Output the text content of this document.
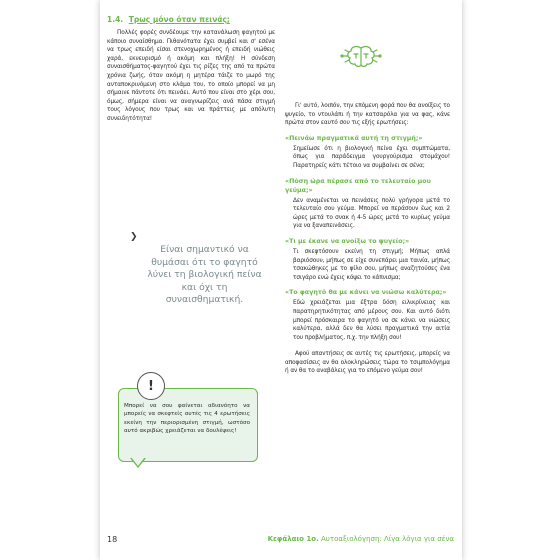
1.4. Τρως μόνο όταν πεινάς;

Πολλές φορές συνδέουμε την κατανάλωση φαγητού με κάποιο συναίσθημα. Πιθανότατα έχει συμβεί και σ' εσένα να τρως επειδή είσαι στενοχωρημένος ή επειδή νιώθεις χαρά, εκνευρισμό ή ακόμη και πλήξη! Η σύνδεση συναισθήματος-φαγητού έχει τις ρίζες της από τα πρώτα χρόνια ζωής, όταν ακόμη η μητέρα τάιζε το μωρό της ανταποκρινόμενη στο κλάμα του, το οποίο μπορεί να μη σήμαινε πάντοτε ότι πεινάει. Αυτό που είναι στο χέρι σου, όμως, σήμερα είναι να αναγνωρίζεις ανά πάσα στιγμή τους λόγους που τρως και να πράττεις με απόλυτη συνειδητότητα!

❯

Είναι σημαντικό να θυμάσαι ότι το φαγητό λύνει τη βιολογική πείνα και όχι τη συναισθηματική.

!

Μπορεί να σου φαίνεται αδιανόητο να μπορείς να σκεφτείς αυτές τις 4 ερωτήσεις εκείνη την περιορισμένη στιγμή, ωστόσο αυτό ακριβώς χρειάζεται να δουλέψεις!

Γι' αυτό, λοιπόν, την επόμενη φορά που θα ανοίξεις το ψυγείο, το ντουλάπι ή την κατσαρόλα για να φας, κάνε πρώτα στον εαυτό σου τις εξής ερωτήσεις:

«Πεινάω πραγματικά αυτή τη στιγμή;»

Σημείωσε ότι η βιολογική πείνα έχει συμπτώματα, όπως για παράδειγμα γουργούρισμα στομάχου! Παρατηρείς κάτι τέτοιο να συμβαίνει σε σένα;

«Πόση ώρα πέρασε από το τελευταίο μου γεύμα;»

Δεν αναμένεται να πεινάσεις πολύ γρήγορα μετά το τελευταίο σου γεύμα. Μπορεί να περάσουν έως και 2 ώρες μετά το σνακ ή 4-5 ώρες μετά το κυρίως γεύμα για να ξαναπεινάσεις.

«Τι με έκανε να ανοίξω το ψυγείο;»

Τι σκεφτόσουν εκείνη τη στιγμή; Μήπως απλά βαριόσουν, μήπως σε είχε συνεπάρει μια ταινία, μήπως τσακώθηκες με το φίλο σου, μήπως αναζητούσες ένα τσιγάρο ενώ έχεις κόψει το κάπνισμα;

«Το φαγητό θα με κάνει να νιώσω καλύτερα;»

Εδώ χρειάζεται μια έξτρα δόση ειλικρίνειας και παρατηρητικότητας από μέρους σου. Και αυτό διότι μπορεί πρόσκαιρα το φαγητό να σε κάνει να νιώσεις καλύτερα, αλλά δεν θα λύσει πραγματικά την αιτία του προβλήματος, π.χ. την πλήξη σου!

Αφού απαντήσεις σε αυτές τις ερωτήσεις, μπορείς να αποφασίσεις αν θα ολοκληρώσεις τώρα το τσιμπολόγημα ή αν θα το αναβάλεις για το επόμενο γεύμα σου!

18	Κεφάλαιο 1ο. Αυτοαξιολόγηση: Λίγα λόγια για σένα
